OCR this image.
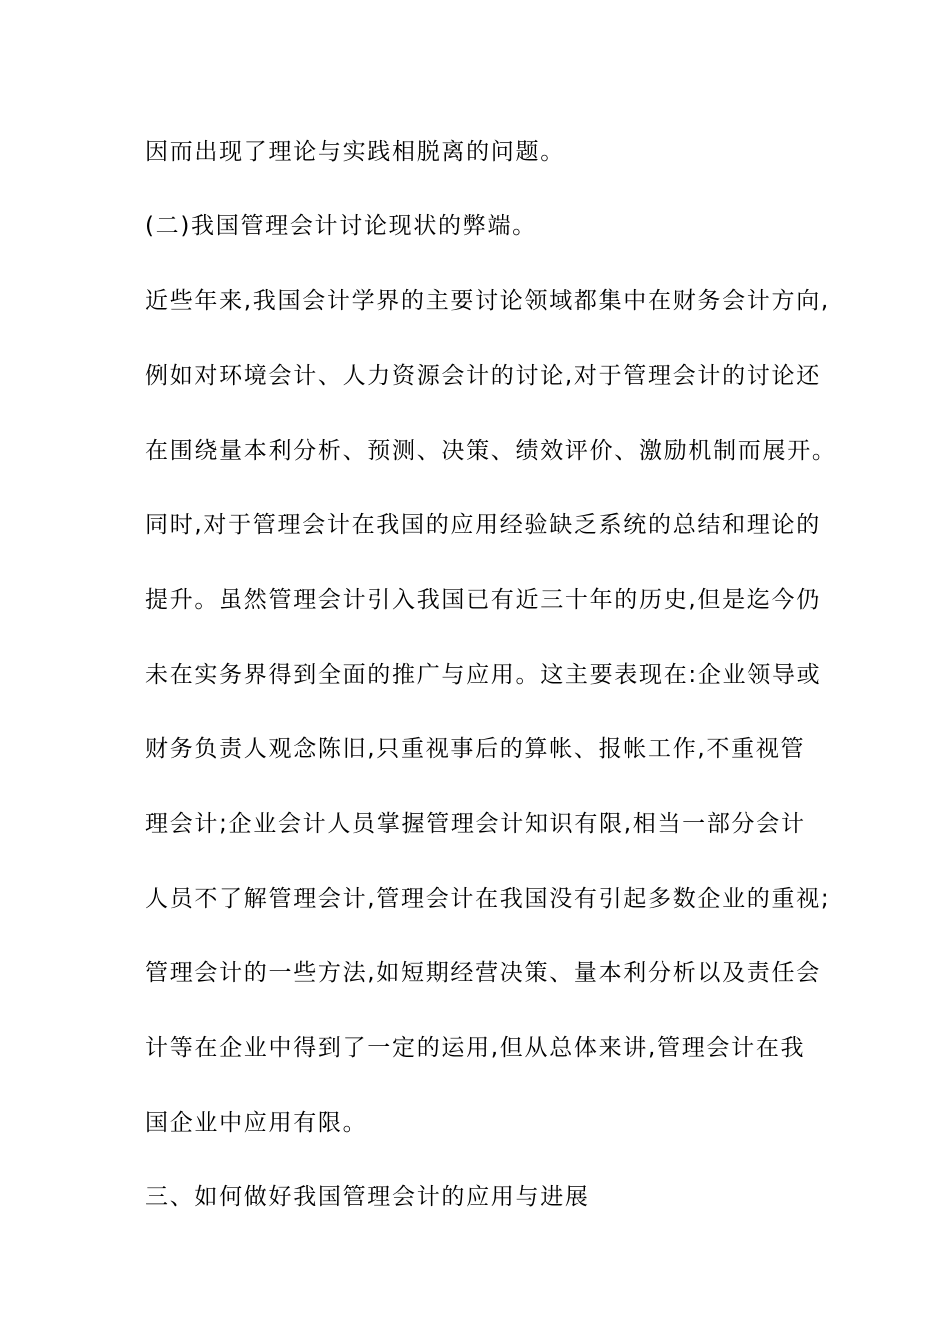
因而出现了理论与实践相脱离的问题。
(二)我国管理会计讨论现状的弊端。
近些年来,我国会计学界的主要讨论领域都集中在财务会计方向,
例如对环境会计、人力资源会计的讨论,对于管理会计的讨论还
在围绕量本利分析、预测、决策、绩效评价、激励机制而展开。
同时,对于管理会计在我国的应用经验缺乏系统的总结和理论的
提升。虽然管理会计引入我国已有近三十年的历史,但是迄今仍
未在实务界得到全面的推广与应用。这主要表现在:企业领导或
财务负责人观念陈旧,只重视事后的算帐、报帐工作,不重视管
理会计;企业会计人员掌握管理会计知识有限,相当一部分会计
人员不了解管理会计,管理会计在我国没有引起多数企业的重视;
管理会计的一些方法,如短期经营决策、量本利分析以及责任会
计等在企业中得到了一定的运用,但从总体来讲,管理会计在我
国企业中应用有限。
三、如何做好我国管理会计的应用与进展
